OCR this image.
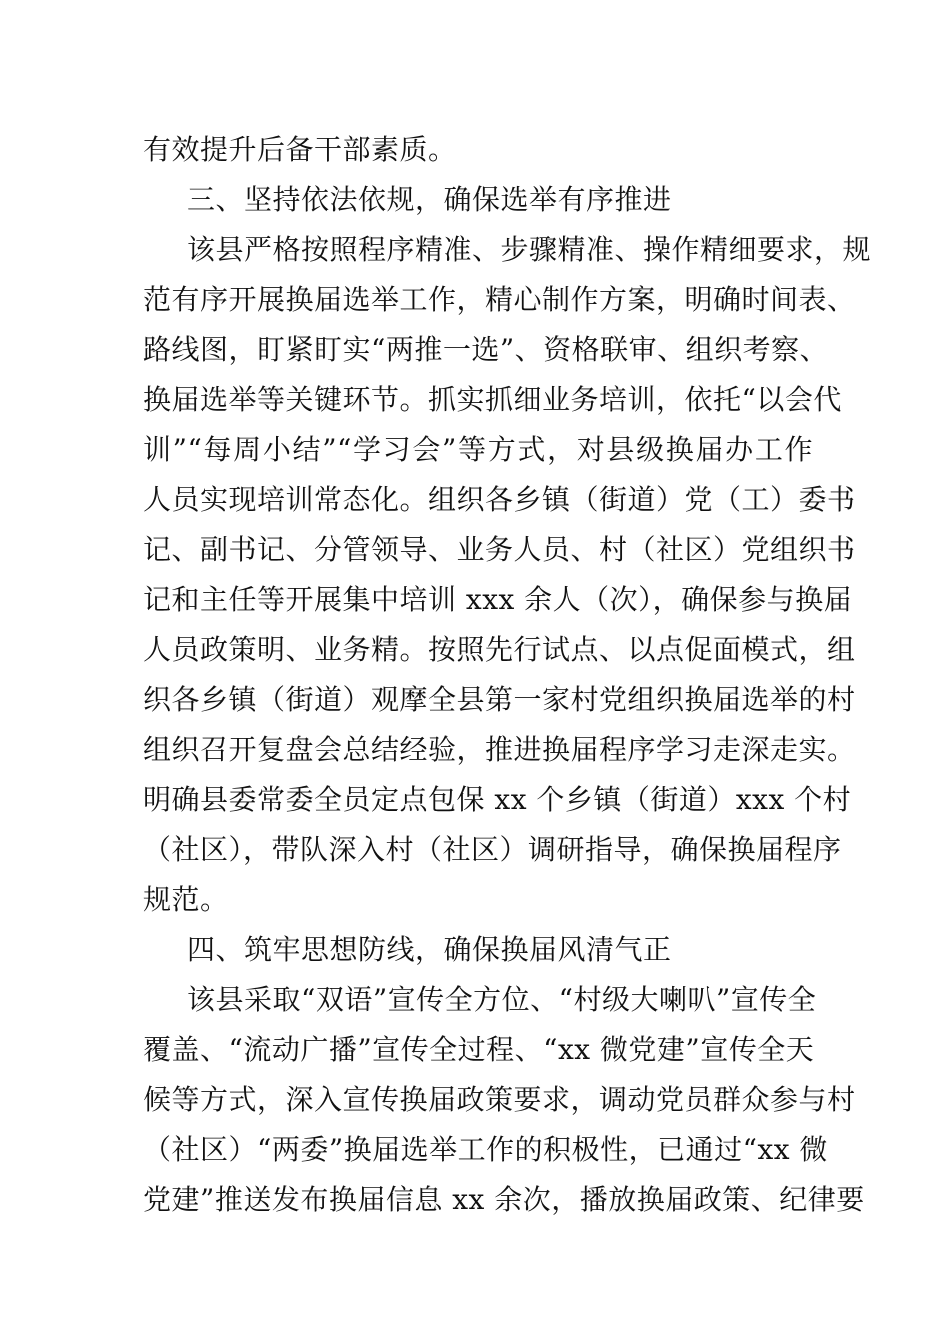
有效提升后备干部素质。
三、坚持依法依规，确保选举有序推进
该县严格按照程序精准、步骤精准、操作精细要求，规
范有序开展换届选举工作，精心制作方案，明确时间表、
路线图，盯紧盯实“两推一选”、资格联审、组织考察、
换届选举等关键环节。抓实抓细业务培训，依托“以会代
训”“每周小结”“学习会”等方式，对县级换届办工作
人员实现培训常态化。组织各乡镇（街道）党（工）委书
记、副书记、分管领导、业务人员、村（社区）党组织书
记和主任等开展集中培训 xxx 余人（次），确保参与换届
人员政策明、业务精。按照先行试点、以点促面模式，组
织各乡镇（街道）观摩全县第一家村党组织换届选举的村
组织召开复盘会总结经验，推进换届程序学习走深走实。
明确县委常委全员定点包保 xx 个乡镇（街道）xxx 个村
（社区），带队深入村（社区）调研指导，确保换届程序
规范。
四、筑牢思想防线，确保换届风清气正
该县采取“双语”宣传全方位、“村级大喇叭”宣传全
覆盖、“流动广播”宣传全过程、“xx 微党建”宣传全天
候等方式，深入宣传换届政策要求，调动党员群众参与村
（社区）“两委”换届选举工作的积极性，已通过“xx 微
党建”推送发布换届信息 xx 余次，播放换届政策、纪律要
